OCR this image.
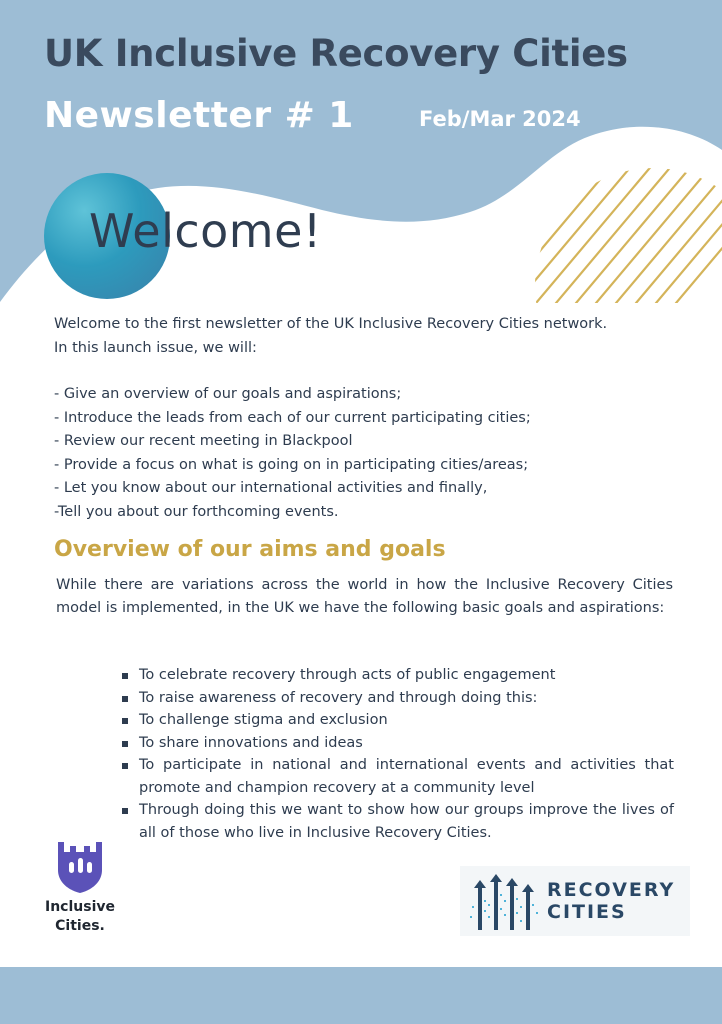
UK Inclusive Recovery Cities
Newsletter # 1	Feb/Mar 2024
Welcome!

Welcome to the first newsletter of the UK Inclusive Recovery Cities network.

In this launch issue, we will:

- Give an overview of our goals and aspirations;
- Introduce the leads from each of our current participating cities;
- Review our recent meeting in Blackpool
- Provide a focus on what is going on in participating cities/areas;
- Let you know about our international activities and finally,
-Tell you about our forthcoming events.
Overview of our aims and goals

While there are variations across the world in how the Inclusive Recovery Cities model is implemented, in the UK we have the following basic goals and aspirations:

To celebrate recovery through acts of public engagement
To raise awareness of recovery and through doing this:
To challenge stigma and exclusion
To share innovations and ideas
To participate in national and international events and activities that promote and champion recovery at a community level
Through doing this we want to show how our groups improve the lives of all of those who live in Inclusive Recovery Cities.
Inclusive
Cities.
RECOVERY
CITIES
